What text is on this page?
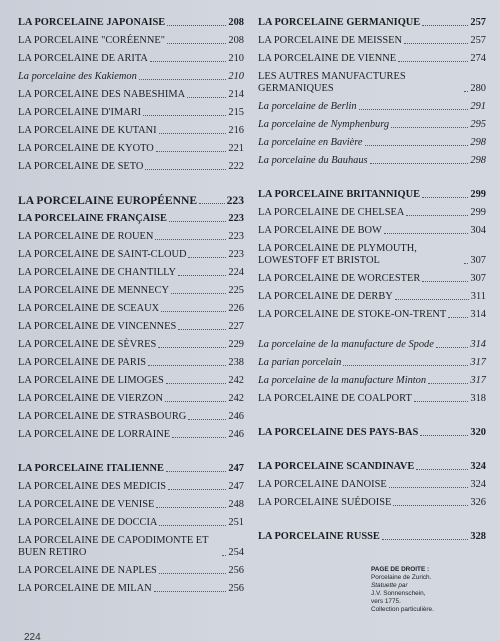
LA PORCELAINE JAPONAISE	208
LA PORCELAINE "CORÉENNE"	208
LA PORCELAINE DE ARITA	210
La porcelaine des Kakiemon	210
LA PORCELAINE DES NABESHIMA	214
LA PORCELAINE D'IMARI	215
LA PORCELAINE DE KUTANI	216
LA PORCELAINE DE KYOTO	221
LA PORCELAINE DE SETO	222
LA PORCELAINE EUROPÉENNE	223
LA PORCELAINE FRANÇAISE	223
LA PORCELAINE DE ROUEN	223
LA PORCELAINE DE SAINT-CLOUD	223
LA PORCELAINE DE CHANTILLY	224
LA PORCELAINE DE MENNECY	225
LA PORCELAINE DE SCEAUX	226
LA PORCELAINE DE VINCENNES	227
LA PORCELAINE DE SÈVRES	229
LA PORCELAINE DE PARIS	238
LA PORCELAINE DE LIMOGES	242
LA PORCELAINE DE VIERZON	242
LA PORCELAINE DE STRASBOURG	246
LA PORCELAINE DE LORRAINE	246
LA PORCELAINE ITALIENNE	247
LA PORCELAINE DES MEDICIS	247
LA PORCELAINE DE VENISE	248
LA PORCELAINE DE DOCCIA	251
LA PORCELAINE DE CAPODIMONTE ET BUEN RETIRO	254
LA PORCELAINE DE NAPLES	256
LA PORCELAINE DE MILAN	256
LA PORCELAINE GERMANIQUE	257
LA PORCELAINE DE MEISSEN	257
LA PORCELAINE DE VIENNE	274
LES AUTRES MANUFACTURES GERMANIQUES	280
La porcelaine de Berlin	291
La porcelaine de Nymphenburg	295
La porcelaine en Bavière	298
La porcelaine du Bauhaus	298
LA PORCELAINE BRITANNIQUE	299
LA PORCELAINE DE CHELSEA	299
LA PORCELAINE DE BOW	304
LA PORCELAINE DE PLYMOUTH, LOWESTOFF ET BRISTOL	307
LA PORCELAINE DE WORCESTER	307
LA PORCELAINE DE DERBY	311
LA PORCELAINE DE STOKE-ON-TRENT 314
La porcelaine de la manufacture de Spode	314
La parian porcelain	317
La porcelaine de la manufacture Minton	317
LA PORCELAINE DE COALPORT	318
LA PORCELAINE DES PAYS-BAS	320
LA PORCELAINE SCANDINAVE	324
LA PORCELAINE DANOISE	324
LA PORCELAINE SUÉDOISE	326
LA PORCELAINE RUSSE	328
PAGE DE DROITE :
Porcelaine de Zurich.
Statuette par
J.V. Sonnenschein,
vers 1775.
Collection particulière.
224
